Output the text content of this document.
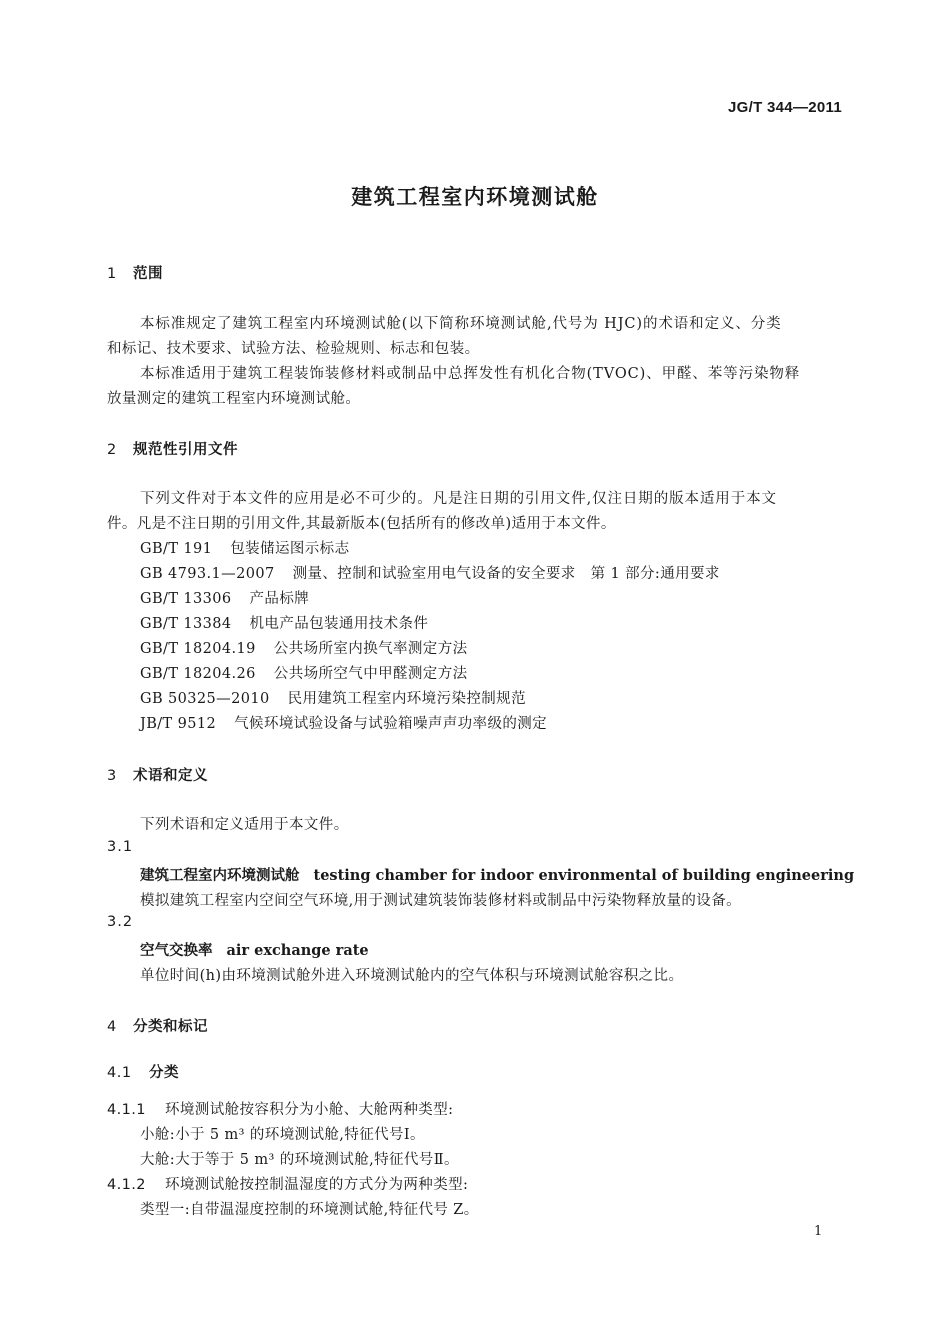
JG/T 344—2011
建筑工程室内环境测试舱
1 范围
本标准规定了建筑工程室内环境测试舱(以下简称环境测试舱,代号为 HJC)的术语和定义、分类
和标记、技术要求、试验方法、检验规则、标志和包装。
本标准适用于建筑工程装饰装修材料或制品中总挥发性有机化合物(TVOC)、甲醛、苯等污染物释
放量测定的建筑工程室内环境测试舱。
2 规范性引用文件
下列文件对于本文件的应用是必不可少的。凡是注日期的引用文件,仅注日期的版本适用于本文
件。凡是不注日期的引用文件,其最新版本(包括所有的修改单)适用于本文件。
GB/T 191 包装储运图示标志
GB 4793.1—2007 测量、控制和试验室用电气设备的安全要求　第 1 部分:通用要求
GB/T 13306 产品标牌
GB/T 13384 机电产品包装通用技术条件
GB/T 18204.19 公共场所室内换气率测定方法
GB/T 18204.26 公共场所空气中甲醛测定方法
GB 50325—2010 民用建筑工程室内环境污染控制规范
JB/T 9512 气候环境试验设备与试验箱噪声声功率级的测定
3 术语和定义
下列术语和定义适用于本文件。
3.1
建筑工程室内环境测试舱 testing chamber for indoor environmental of building engineering
模拟建筑工程室内空间空气环境,用于测试建筑装饰装修材料或制品中污染物释放量的设备。
3.2
空气交换率 air exchange rate
单位时间(h)由环境测试舱外进入环境测试舱内的空气体积与环境测试舱容积之比。
4 分类和标记
4.1 分类
4.1.1 环境测试舱按容积分为小舱、大舱两种类型:
小舱:小于 5 m³ 的环境测试舱,特征代号Ⅰ。
大舱:大于等于 5 m³ 的环境测试舱,特征代号Ⅱ。
4.1.2 环境测试舱按控制温湿度的方式分为两种类型:
类型一:自带温湿度控制的环境测试舱,特征代号 Z。
1
